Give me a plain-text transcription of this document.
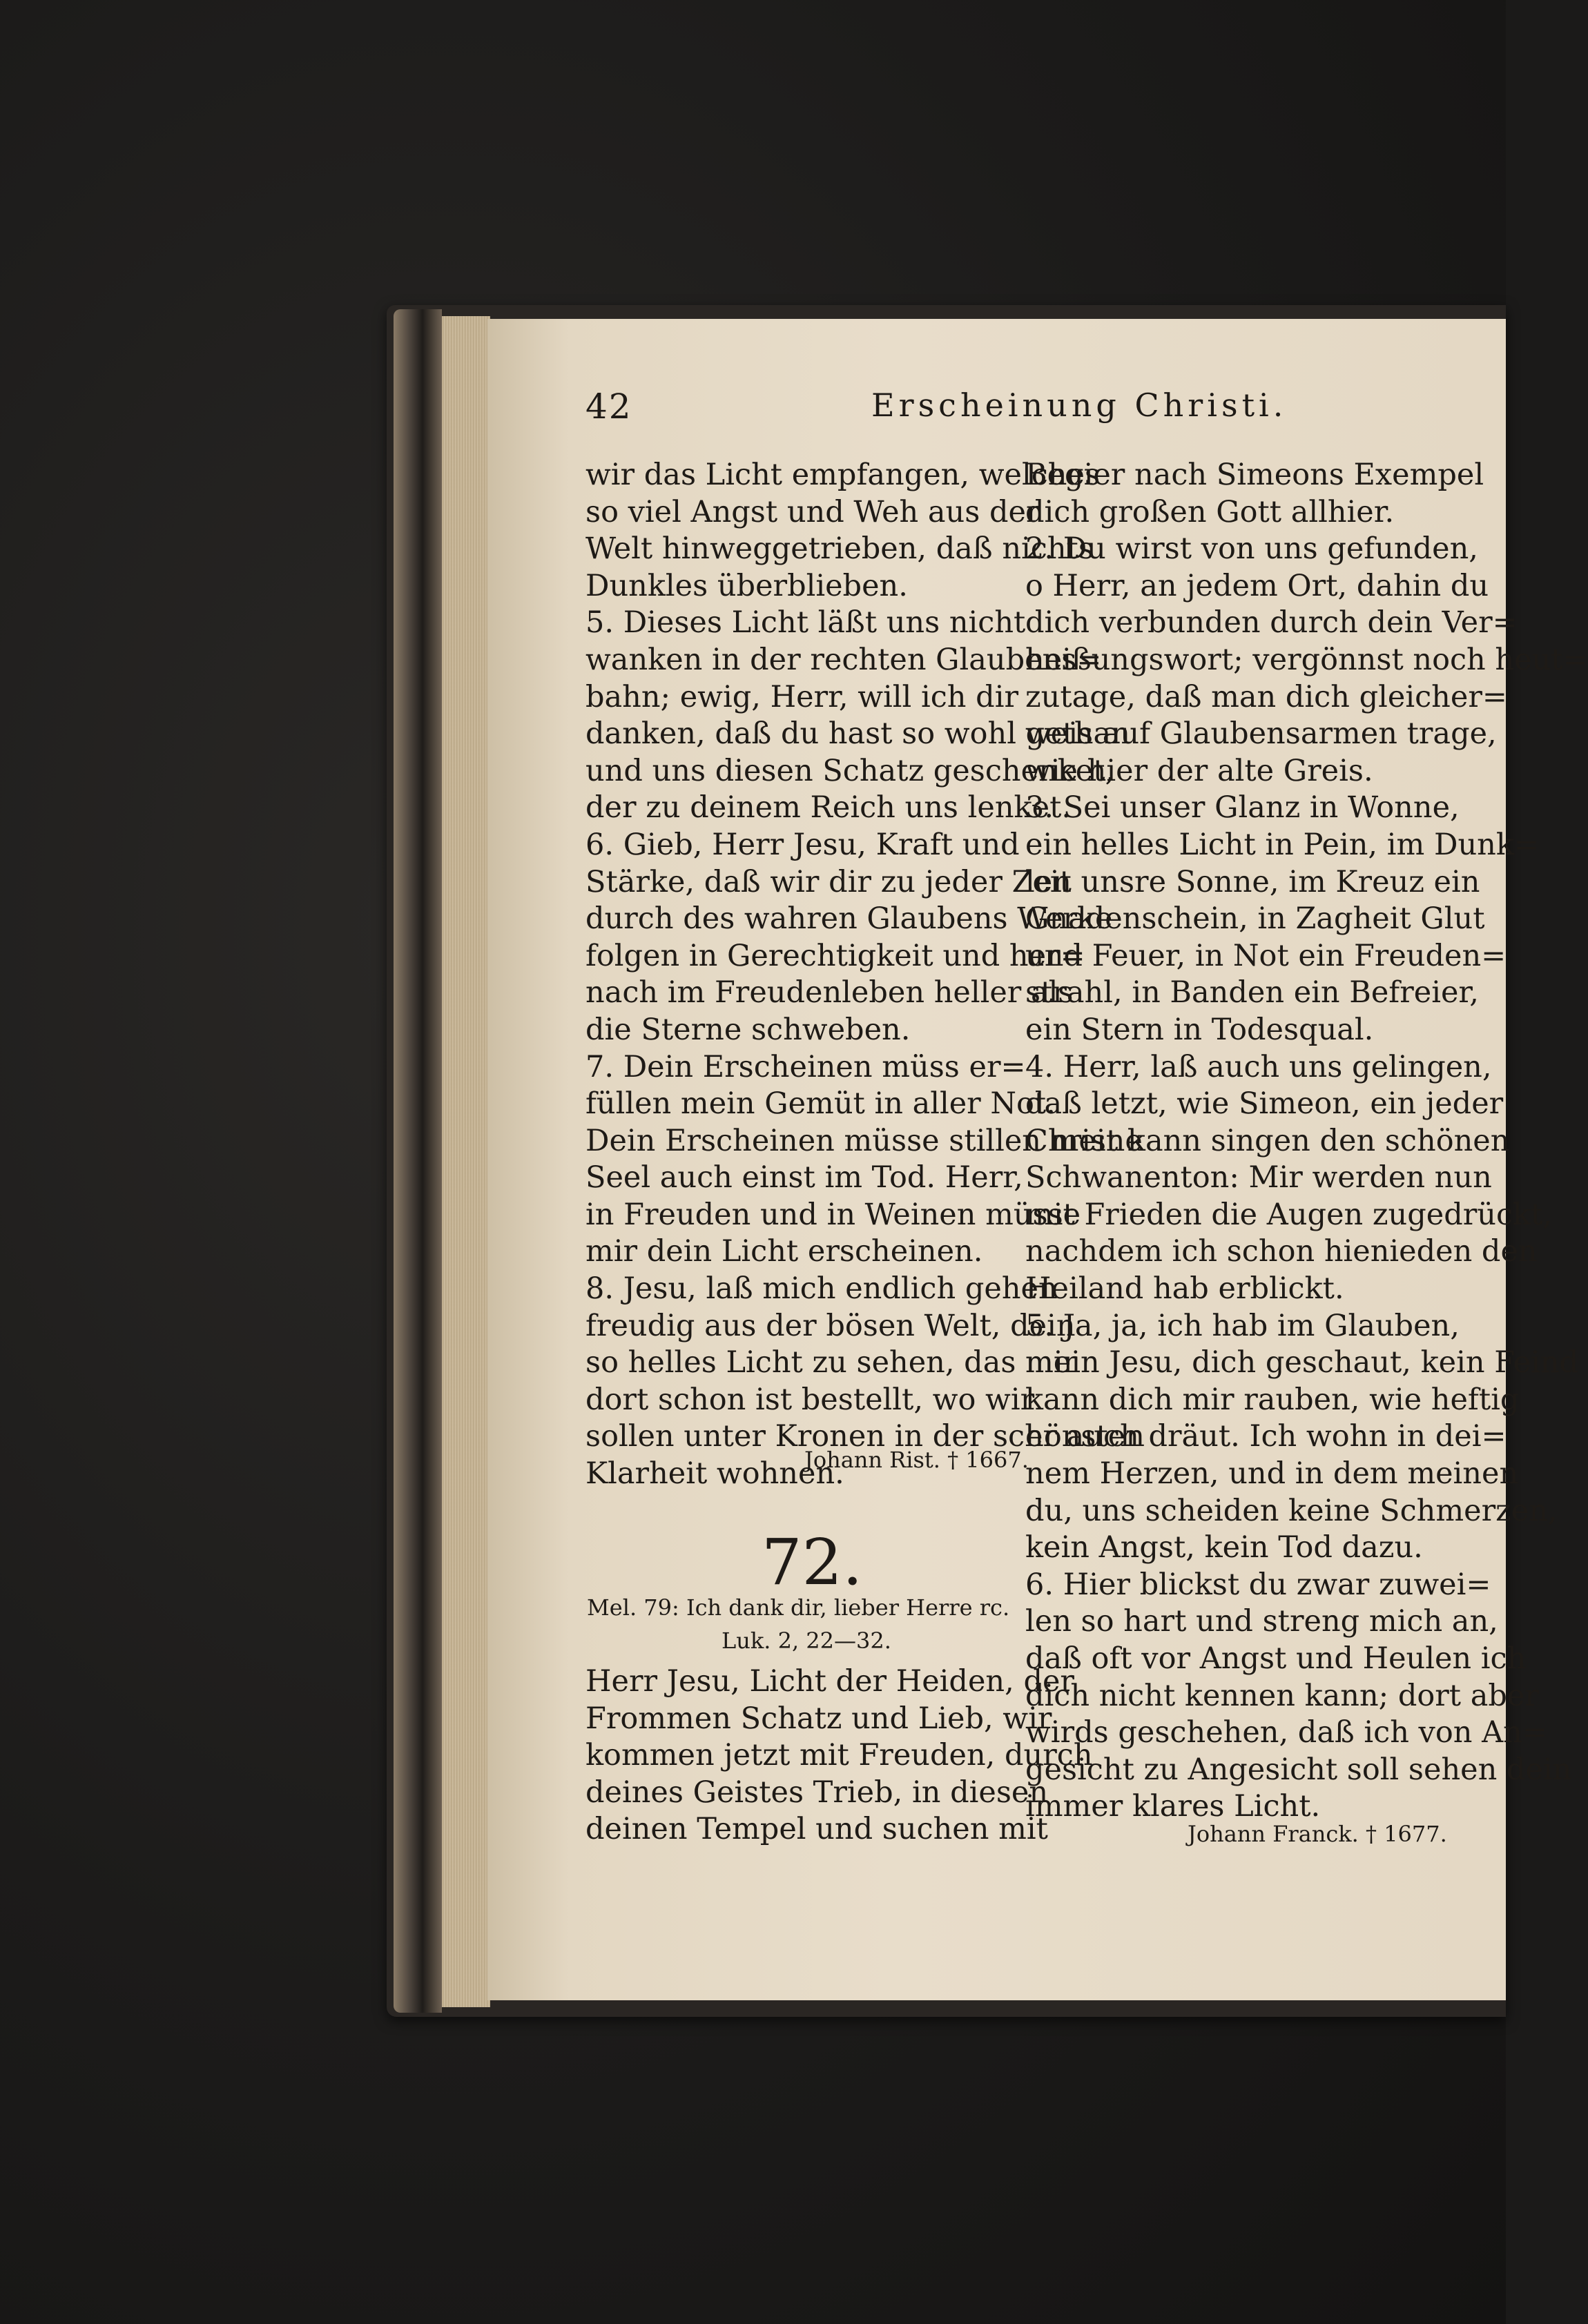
42	Erscheinung Christi.

wir das Licht empfangen, welches

so viel Angst und Weh aus der

Welt hinweggetrieben, daß nichts

Dunkles überblieben.

5. Dieses Licht läßt uns nicht

wanken in der rechten Glaubens=

bahn; ewig, Herr, will ich dir

danken, daß du hast so wohl gethan

und uns diesen Schatz geschenket,

der zu deinem Reich uns lenket.

6. Gieb, Herr Jesu, Kraft und

Stärke, daß wir dir zu jeder Zeit

durch des wahren Glaubens Werke

folgen in Gerechtigkeit und her=

nach im Freudenleben heller als

die Sterne schweben.

7. Dein Erscheinen müss er=

füllen mein Gemüt in aller Not.

Dein Erscheinen müsse stillen meine

Seel auch einst im Tod. Herr,

in Freuden und in Weinen müsse

mir dein Licht erscheinen.

8. Jesu, laß mich endlich gehen

freudig aus der bösen Welt, dein

so helles Licht zu sehen, das mir

dort schon ist bestellt, wo wir

sollen unter Kronen in der schönsten

Klarheit wohnen.

Johann Rist. † 1667.
72.
Mel. 79: Ich dank dir, lieber Herre rc.
Luk. 2, 22—32.

Herr Jesu, Licht der Heiden, der

Frommen Schatz und Lieb, wir

kommen jetzt mit Freuden, durch

deines Geistes Trieb, in diesen

deinen Tempel und suchen mit

Begier nach Simeons Exempel

dich großen Gott allhier.

2. Du wirst von uns gefunden,

o Herr, an jedem Ort, dahin du

dich verbunden durch dein Ver=

heißungswort; vergönnst noch heut=

zutage, daß man dich gleicher=

weis auf Glaubensarmen trage,

wie hier der alte Greis.

3. Sei unser Glanz in Wonne,

ein helles Licht in Pein, im Dunk=

len unsre Sonne, im Kreuz ein

Gnadenschein, in Zagheit Glut

und Feuer, in Not ein Freuden=

strahl, in Banden ein Befreier,

ein Stern in Todesqual.

4. Herr, laß auch uns gelingen,

daß letzt, wie Simeon, ein jeder

Christ kann singen den schönen

Schwanenton: Mir werden nun

mit Frieden die Augen zugedrückt,

nachdem ich schon hienieden den

Heiland hab erblickt.

5. Ja, ja, ich hab im Glauben,

mein Jesu, dich geschaut, kein Feind

kann dich mir rauben, wie heftig

er auch dräut. Ich wohn in dei=

nem Herzen, und in dem meinen

du, uns scheiden keine Schmerzen,

kein Angst, kein Tod dazu.

6. Hier blickst du zwar zuwei=

len so hart und streng mich an,

daß oft vor Angst und Heulen ich

dich nicht kennen kann; dort aber

wirds geschehen, daß ich von An=

gesicht zu Angesicht soll sehen dein

immer klares Licht.

Johann Franck. † 1677.
